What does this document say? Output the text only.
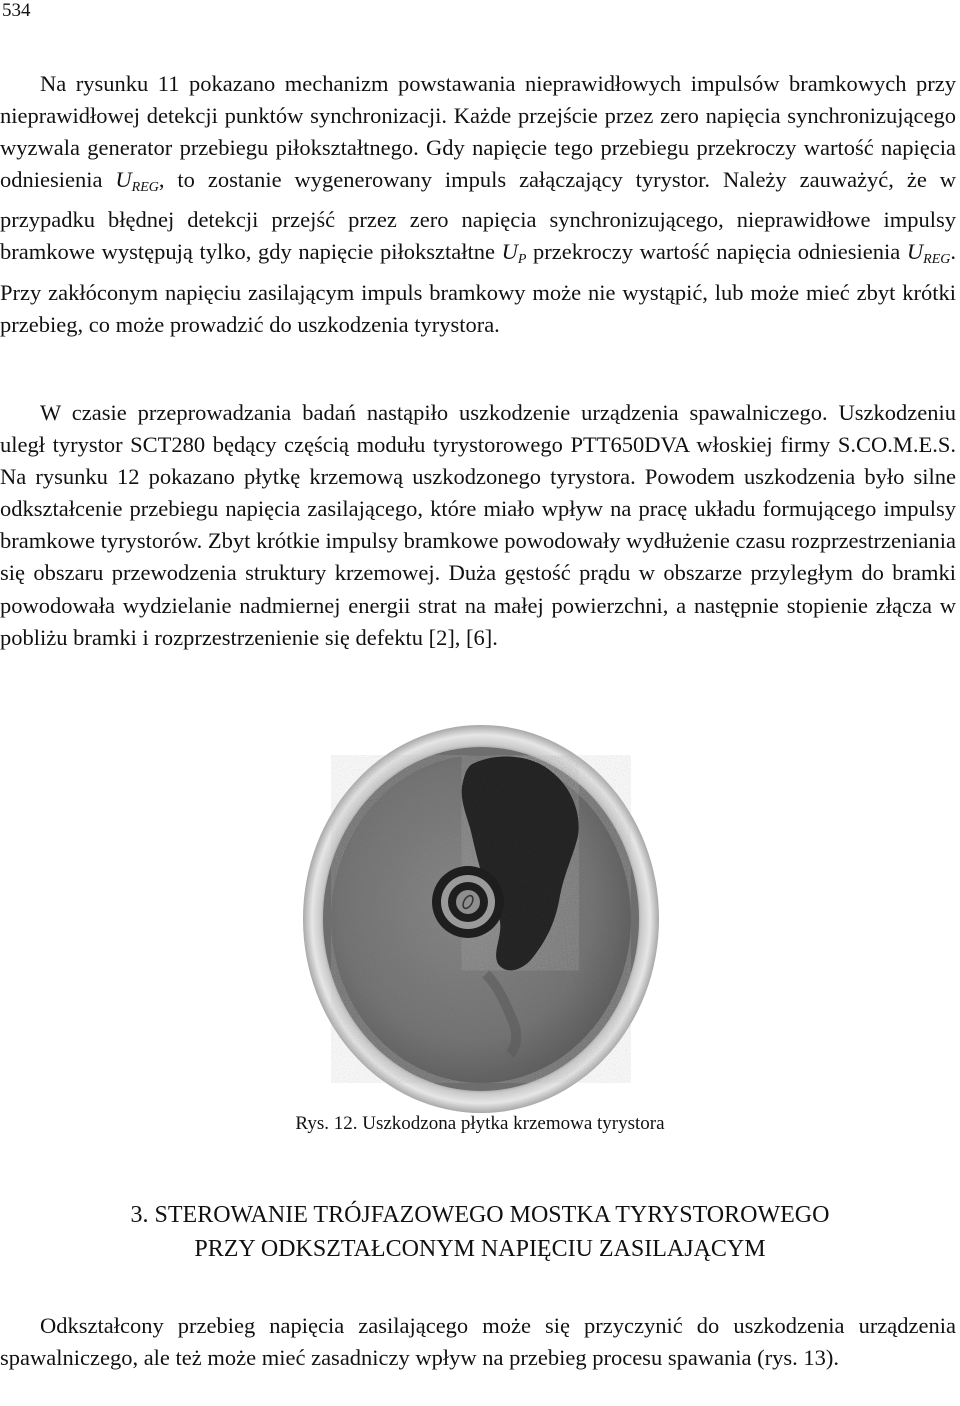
534
Na rysunku 11 pokazano mechanizm powstawania nieprawidłowych impulsów bramkowych przy nieprawidłowej detekcji punktów synchronizacji. Każde przejście przez zero napięcia synchronizującego wyzwala generator przebiegu piłokształtnego. Gdy napięcie tego przebiegu przekroczy wartość napięcia odniesienia $U_{REG}$, to zostanie wygenerowany impuls załączający tyrystor. Należy zauważyć, że w przypadku błędnej detekcji przejść przez zero napięcia synchronizującego, nieprawidłowe impulsy bramkowe występują tylko, gdy napięcie piłokształtne $U_P$ przekroczy wartość napięcia odniesienia $U_{REG}$. Przy zakłóconym napięciu zasilającym impuls bramkowy może nie wystąpić, lub może mieć zbyt krótki przebieg, co może prowadzić do uszkodzenia tyrystora.
W czasie przeprowadzania badań nastąpiło uszkodzenie urządzenia spawalniczego. Uszkodzeniu uległ tyrystor SCT280 będący częścią modułu tyrystorowego PTT650DVA włoskiej firmy S.CO.M.E.S. Na rysunku 12 pokazano płytkę krzemową uszkodzonego tyrystora. Powodem uszkodzenia było silne odkształcenie przebiegu napięcia zasilającego, które miało wpływ na pracę układu formującego impulsy bramkowe tyrystorów. Zbyt krótkie impulsy bramkowe powodowały wydłużenie czasu rozprzestrzeniania się obszaru przewodzenia struktury krzemowej. Duża gęstość prądu w obszarze przyległym do bramki powodowała wydzielanie nadmiernej energii strat na małej powierzchni, a następnie stopienie złącza w pobliżu bramki i rozprzestrzenienie się defektu [2], [6].
Rys. 12. Uszkodzona płytka krzemowa tyrystora
3. STEROWANIE TRÓJFAZOWEGO MOSTKA TYRYSTOROWEGO
PRZY ODKSZTAŁCONYM NAPIĘCIU ZASILAJĄCYM
Odkształcony przebieg napięcia zasilającego może się przyczynić do uszkodzenia urządzenia spawalniczego, ale też może mieć zasadniczy wpływ na przebieg procesu spawania (rys. 13).
